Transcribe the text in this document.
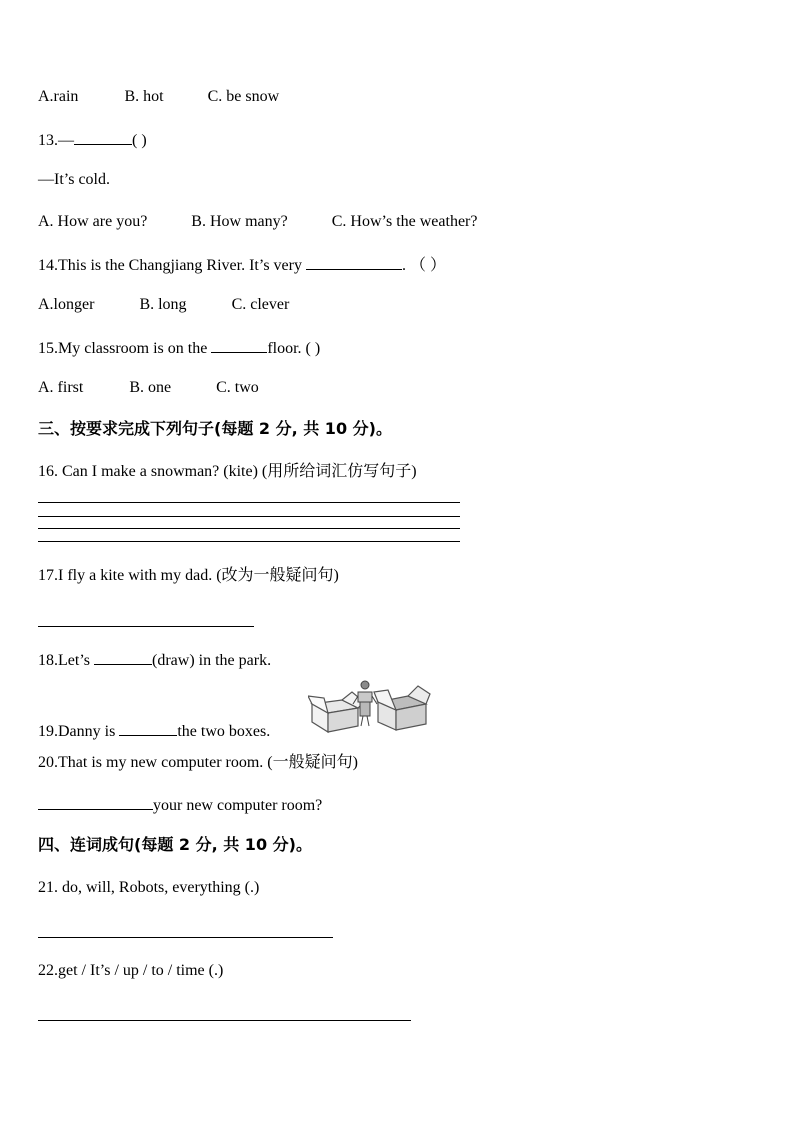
A.rain	B. hot	C. be snow
13.—	( )
—It’s cold.
A. How are you?	B. How many?	C. How’s the weather?
14.This is the Changjiang River. It’s very	. （ ）
A.longer	B. long	C. clever
15.My classroom is on the	floor. ( )
A. first	B. one	C. two
三、按要求完成下列句子(每题 2 分, 共 10 分)。
16. Can I make a snowman? (kite) (用所给词汇仿写句子)
17.I fly a kite with my dad. (改为一般疑问句)
18.Let’s	(draw) in the park.
19.Danny is	the two boxes.
20.That is my new computer room. (一般疑问句)
your new computer room?
四、连词成句(每题 2 分, 共 10 分)。
21. do, will, Robots, everything (.)
22.get / It’s / up / to / time (.)
